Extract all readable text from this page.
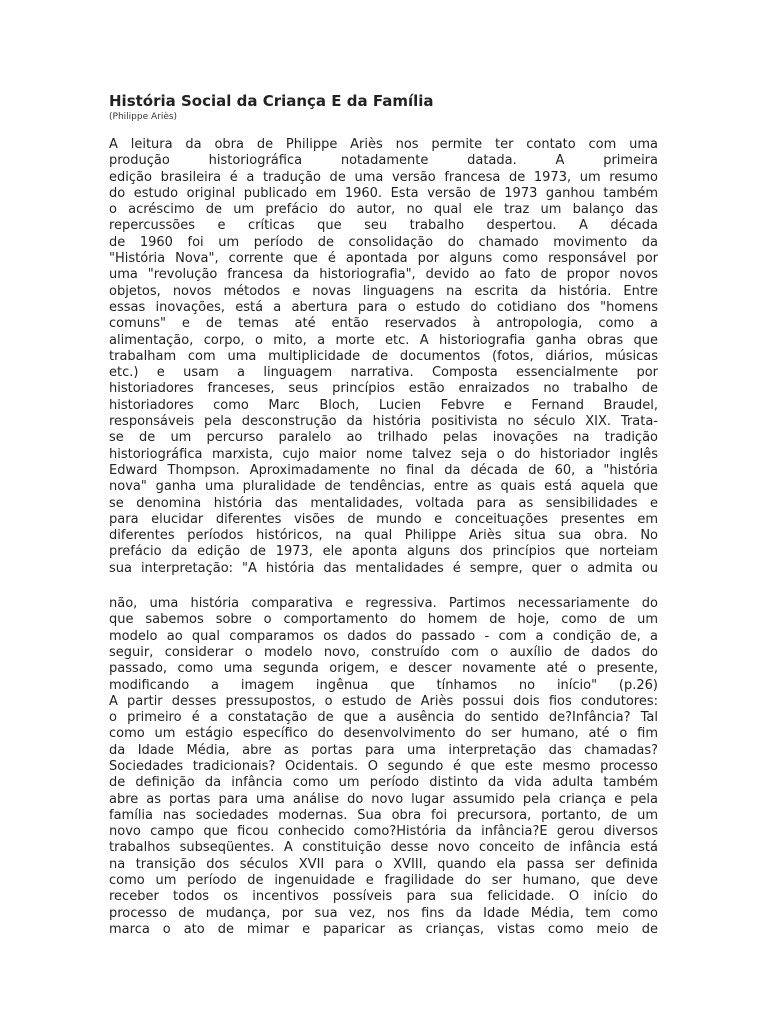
História Social da Criança E da Família

(Philippe Ariès)

A leitura da obra de Philippe Ariès nos permite ter contato com uma
produção historiográfica notadamente datada. A primeira
edição brasileira é a tradução de uma versão francesa de 1973, um resumo
do estudo original publicado em 1960. Esta versão de 1973 ganhou também
o acréscimo de um prefácio do autor, no qual ele traz um balanço das
repercussões e críticas que seu trabalho despertou. A década
de 1960 foi um período de consolidação do chamado movimento da
"História Nova", corrente que é apontada por alguns como responsável por
uma "revolução francesa da historiografia", devido ao fato de propor novos
objetos, novos métodos e novas linguagens na escrita da história. Entre
essas inovações, está a abertura para o estudo do cotidiano dos "homens
comuns" e de temas até então reservados à antropologia, como a
alimentação, corpo, o mito, a morte etc. A historiografia ganha obras que
trabalham com uma multiplicidade de documentos (fotos, diários, músicas
etc.) e usam a linguagem narrativa. Composta essencialmente por
historiadores franceses, seus princípios estão enraizados no trabalho de
historiadores como Marc Bloch, Lucien Febvre e Fernand Braudel,
responsáveis pela desconstrução da história positivista no século XIX. Trata-
se de um percurso paralelo ao trilhado pelas inovações na tradição
historiográfica marxista, cujo maior nome talvez seja o do historiador inglês
Edward Thompson. Aproximadamente no final da década de 60, a "história
nova" ganha uma pluralidade de tendências, entre as quais está aquela que
se denomina história das mentalidades, voltada para as sensibilidades e
para elucidar diferentes visões de mundo e conceituações presentes em
diferentes períodos históricos, na qual Philippe Ariès situa sua obra. No
prefácio da edição de 1973, ele aponta alguns dos princípios que norteiam
sua interpretação: "A história das mentalidades é sempre, quer o admita ou
não, uma história comparativa e regressiva. Partimos necessariamente do
que sabemos sobre o comportamento do homem de hoje, como de um
modelo ao qual comparamos os dados do passado - com a condição de, a
seguir, considerar o modelo novo, construído com o auxílio de dados do
passado, como uma segunda origem, e descer novamente até o presente,
modificando a imagem ingênua que tínhamos no início" (p.26)
A partir desses pressupostos, o estudo de Ariès possui dois fios condutores:
o primeiro é a constatação de que a ausência do sentido de?Infância? Tal
como um estágio específico do desenvolvimento do ser humano, até o fim
da Idade Média, abre as portas para uma interpretação das chamadas?
Sociedades tradicionais? Ocidentais. O segundo é que este mesmo processo
de definição da infância como um período distinto da vida adulta também
abre as portas para uma análise do novo lugar assumido pela criança e pela
família nas sociedades modernas. Sua obra foi precursora, portanto, de um
novo campo que ficou conhecido como?História da infância?E gerou diversos
trabalhos subseqüentes. A constituição desse novo conceito de infância está
na transição dos séculos XVII para o XVIII, quando ela passa ser definida
como um período de ingenuidade e fragilidade do ser humano, que deve
receber todos os incentivos possíveis para sua felicidade. O início do
processo de mudança, por sua vez, nos fins da Idade Média, tem como
marca o ato de mimar e paparicar as crianças, vistas como meio de
